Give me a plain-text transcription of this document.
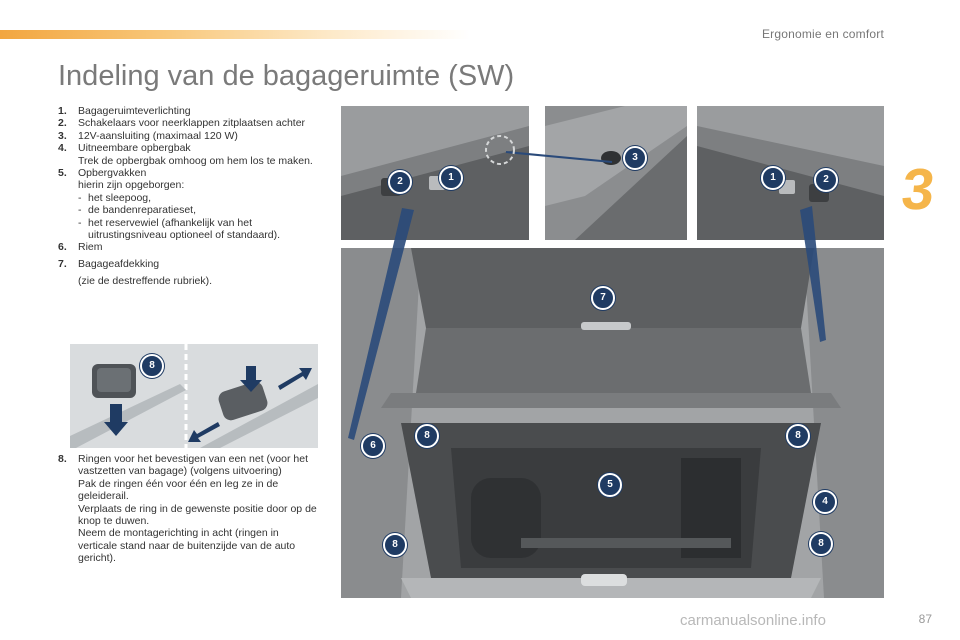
Ergonomie en comfort
3
Indeling van de bagageruimte (SW)
1.	Bagageruimteverlichting
2.	Schakelaars voor neerklappen zitplaatsen achter
3.	12V-aansluiting (maximaal 120 W)
4.	Uitneembare opbergbak
Trek de opbergbak omhoog om hem los te maken.
5.	Opbergvakken
hierin zijn opgeborgen:
- het sleepoog,
- de bandenreparatieset,
- het reservewiel (afhankelijk van het uitrustingsniveau optioneel of standaard).
6.	Riem
7.	Bagageafdekking
(zie de destreffende rubriek).
8
8.	Ringen voor het bevestigen van een net (voor het vastzetten van bagage) (volgens uitvoering)
Pak de ringen één voor één en leg ze in de geleiderail.
Verplaats de ring in de gewenste positie door op de knop te duwen.
Neem de montagerichting in acht (ringen in verticale stand naar de buitenzijde van de auto gericht).
2	1
3
1	2
7
6
8	8
5
4
8	8
carmanualsonline.info	87
